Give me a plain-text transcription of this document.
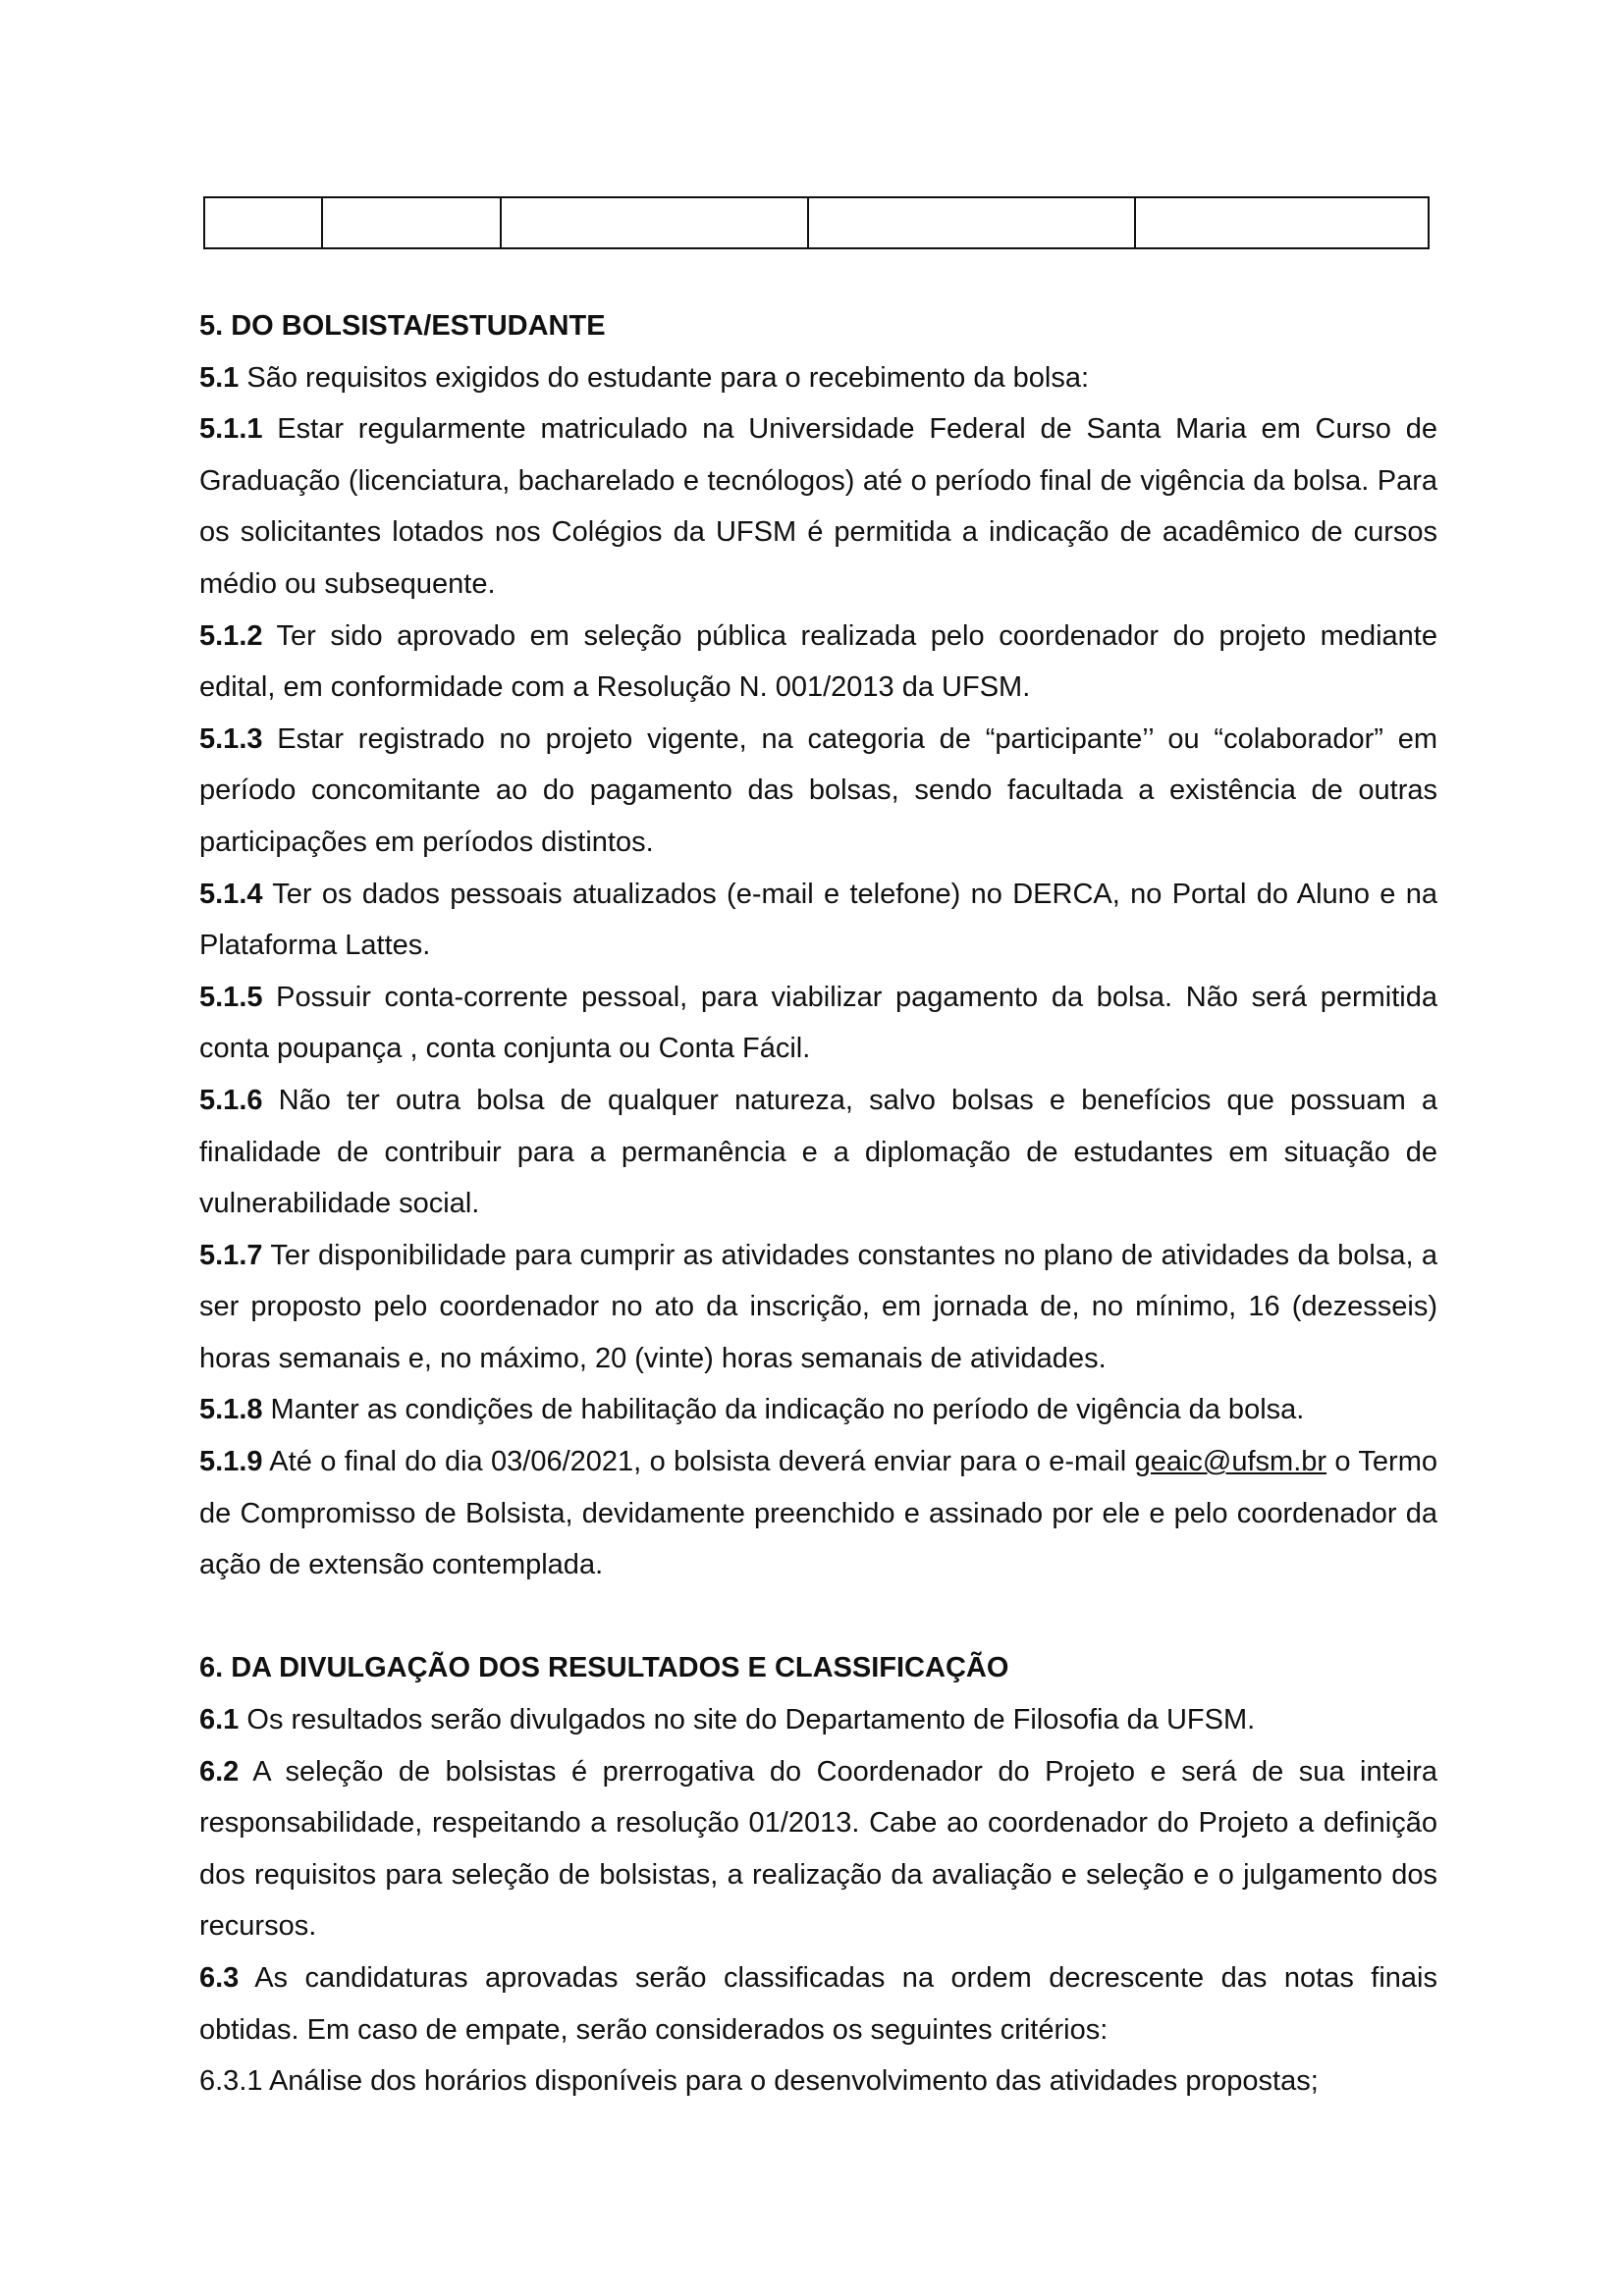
5. DO BOLSISTA/ESTUDANTE

5.1 São requisitos exigidos do estudante para o recebimento da bolsa:

5.1.1 Estar regularmente matriculado na Universidade Federal de Santa Maria em Curso de Graduação (licenciatura, bacharelado e tecnólogos) até o período final de vigência da bolsa. Para os solicitantes lotados nos Colégios da UFSM é permitida a indicação de acadêmico de cursos médio ou subsequente.

5.1.2 Ter sido aprovado em seleção pública realizada pelo coordenador do projeto mediante edital, em conformidade com a Resolução N. 001/2013 da UFSM.

5.1.3 Estar registrado no projeto vigente, na categoria de “participante’’ ou “colaborador” em período concomitante ao do pagamento das bolsas, sendo facultada a existência de outras participações em períodos distintos.

5.1.4 Ter os dados pessoais atualizados (e-mail e telefone) no DERCA, no Portal do Aluno e na Plataforma Lattes.

5.1.5 Possuir conta-corrente pessoal, para viabilizar pagamento da bolsa. Não será permitida conta poupança , conta conjunta ou Conta Fácil.

5.1.6 Não ter outra bolsa de qualquer natureza, salvo bolsas e benefícios que possuam a finalidade de contribuir para a permanência e a diplomação de estudantes em situação de vulnerabilidade social.

5.1.7 Ter disponibilidade para cumprir as atividades constantes no plano de atividades da bolsa, a ser proposto pelo coordenador no ato da inscrição, em jornada de, no mínimo, 16 (dezesseis) horas semanais e, no máximo, 20 (vinte) horas semanais de atividades.

5.1.8 Manter as condições de habilitação da indicação no período de vigência da bolsa.

5.1.9 Até o final do dia 03/06/2021, o bolsista deverá enviar para o e-mail geaic@ufsm.br o Termo de Compromisso de Bolsista, devidamente preenchido e assinado por ele e pelo coordenador da ação de extensão contemplada.

6. DA DIVULGAÇÃO DOS RESULTADOS E CLASSIFICAÇÃO

6.1 Os resultados serão divulgados no site do Departamento de Filosofia da UFSM.

6.2 A seleção de bolsistas é prerrogativa do Coordenador do Projeto e será de sua inteira responsabilidade, respeitando a resolução 01/2013. Cabe ao coordenador do Projeto a definição dos requisitos para seleção de bolsistas, a realização da avaliação e seleção e o julgamento dos recursos.

6.3 As candidaturas aprovadas serão classificadas na ordem decrescente das notas finais obtidas. Em caso de empate, serão considerados os seguintes critérios:

6.3.1 Análise dos horários disponíveis para o desenvolvimento das atividades propostas;
